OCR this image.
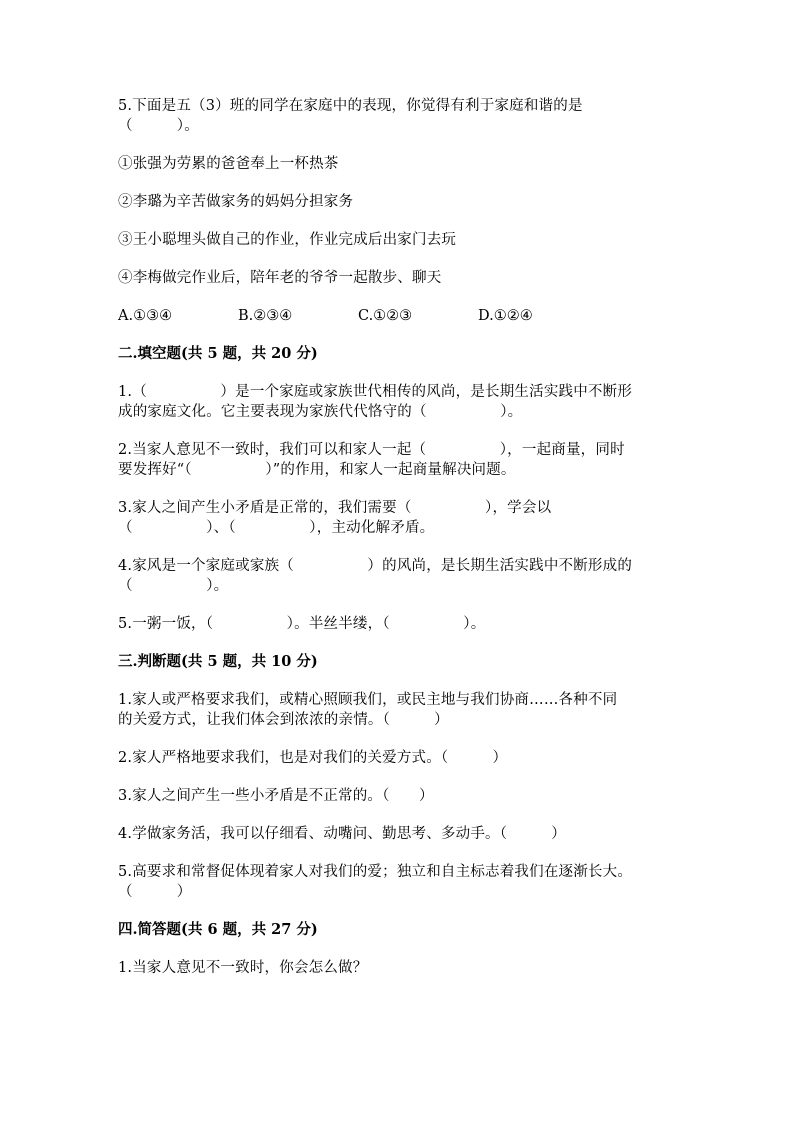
5.下面是五（3）班的同学在家庭中的表现，你觉得有利于家庭和谐的是
（　　　）。
①张强为劳累的爸爸奉上一杯热茶
②李璐为辛苦做家务的妈妈分担家务
③王小聪埋头做自己的作业，作业完成后出家门去玩
④李梅做完作业后，陪年老的爷爷一起散步、聊天
A.①③④	B.②③④	C.①②③	D.①②④
二.填空题(共 5 题，共 20 分)
1.（　　　　　）是一个家庭或家族世代相传的风尚，是长期生活实践中不断形
成的家庭文化。它主要表现为家族代代恪守的（　　　　　）。
2.当家人意见不一致时，我们可以和家人一起（　　　　　），一起商量，同时
要发挥好“（　　　　　）”的作用，和家人一起商量解决问题。
3.家人之间产生小矛盾是正常的，我们需要（　　　　　），学会以
（　　　　　）、（　　　　　），主动化解矛盾。
4.家风是一个家庭或家族（　　　　　）的风尚，是长期生活实践中不断形成的
（　　　　　）。
5.一粥一饭，（　　　　　）。半丝半缕，（　　　　　）。
三.判断题(共 5 题，共 10 分)
1.家人或严格要求我们，或精心照顾我们，或民主地与我们协商……各种不同
的关爱方式，让我们体会到浓浓的亲情。（　　　）
2.家人严格地要求我们，也是对我们的关爱方式。（　　　）
3.家人之间产生一些小矛盾是不正常的。（　　）
4.学做家务活，我可以仔细看、动嘴问、勤思考、多动手。（　　　）
5.高要求和常督促体现着家人对我们的爱；独立和自主标志着我们在逐渐长大。
（　　　）
四.简答题(共 6 题，共 27 分)
1.当家人意见不一致时，你会怎么做？
